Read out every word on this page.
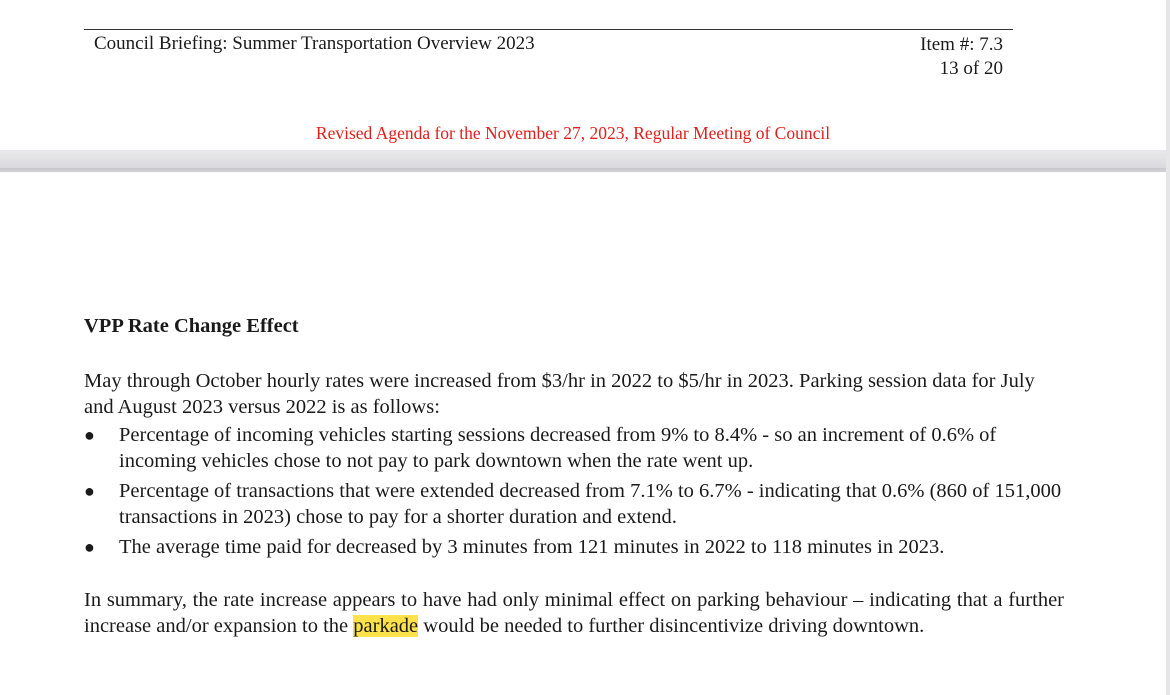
Council Briefing: Summer Transportation Overview 2023	Item #: 7.3
13 of 20
Revised Agenda for the November 27, 2023, Regular Meeting of Council
VPP Rate Change Effect

May through October hourly rates were increased from $3/hr in 2022 to $5/hr in 2023. Parking session data for July and August 2023 versus 2022 is as follows:

● Percentage of incoming vehicles starting sessions decreased from 9% to 8.4% - so an increment of 0.6% of incoming vehicles chose to not pay to park downtown when the rate went up.
● Percentage of transactions that were extended decreased from 7.1% to 6.7% - indicating that 0.6% (860 of 151,000 transactions in 2023) chose to pay for a shorter duration and extend.
● The average time paid for decreased by 3 minutes from 121 minutes in 2022 to 118 minutes in 2023.

In summary, the rate increase appears to have had only minimal effect on parking behaviour – indicating that a further increase and/or expansion to the parkade would be needed to further disincentivize driving downtown.
